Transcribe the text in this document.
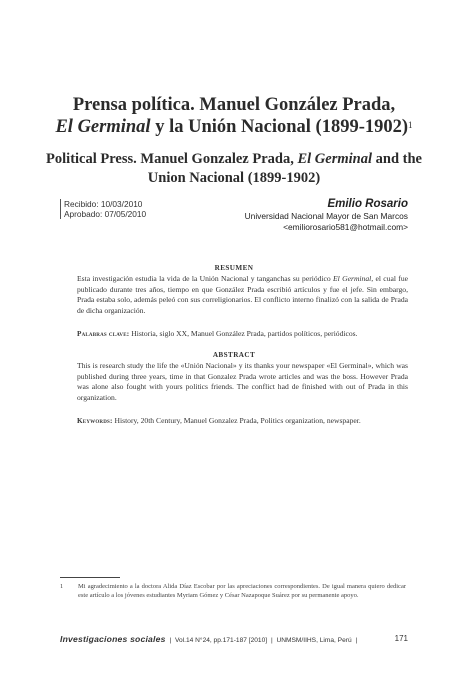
Prensa política. Manuel González Prada,
El Germinal y la Unión Nacional (1899-1902)$^1$
Political Press. Manuel Gonzalez Prada, El Germinal and the
Union Nacional (1899-1902)
Recibido: 10/03/2010
Aprobado: 07/05/2010
Emilio Rosario
Universidad Nacional Mayor de San Marcos
<emiliorosario581@hotmail.com>
RESUMEN
Esta investigación estudia la vida de la Unión Nacional y tanganchas su periódico El Germinal, el cual fue publicado durante tres años, tiempo en que González Prada escribió artículos y fue el jefe. Sin embargo, Prada estaba solo, además peleó con sus correligionarios. El conflicto interno finalizó con la salida de Prada de dicha organización.
Palabras clave: Historia, siglo XX, Manuel González Prada, partidos políticos, periódicos.
ABSTRACT
This is research study the life the «Unión Nacional» y its thanks your newspaper «El Germinal», which was published during three years, time in that Gonzalez Prada wrote articles and was the boss. However Prada was alone also fought with yours politics friends. The conflict had de finished with out of Prada in this organization.
Keywords: History, 20th Century, Manuel Gonzalez Prada, Politics organization, newspaper.
1 Mi agradecimiento a la doctora Alida Díaz Escobar por las apreciaciones correspondientes. De igual manera quiero dedicar este artículo a los jóvenes estudiantes Myriam Gómez y César Nazapoque Suárez por su permanente apoyo.
Investigaciones sociales | Vol.14 N°24, pp.171-187 [2010] | UNMSM/IIHS, Lima, Perú |	171
